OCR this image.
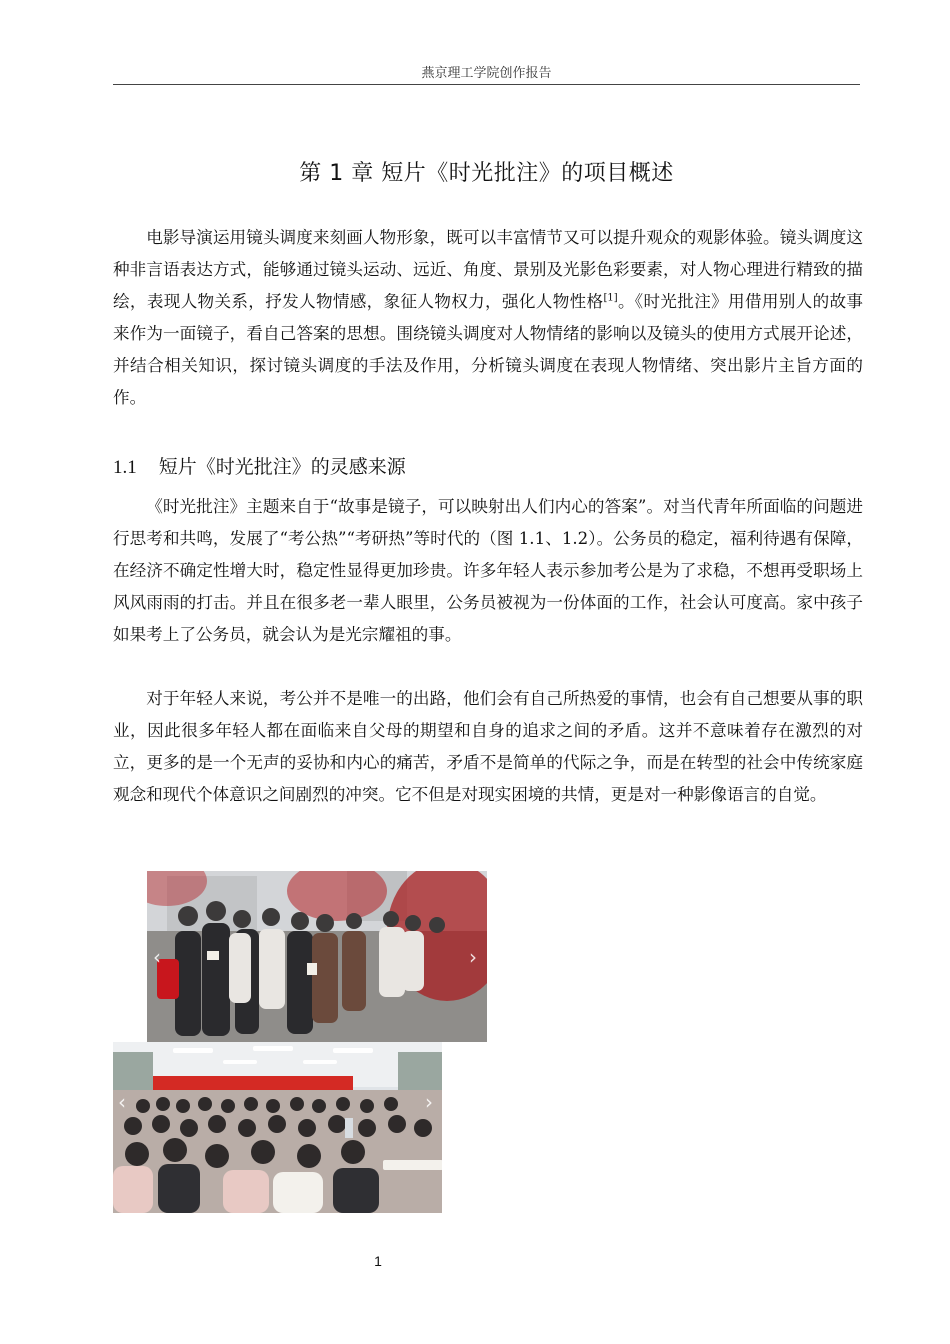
燕京理工学院创作报告
第 1 章 短片《时光批注》的项目概述

电影导演运用镜头调度来刻画人物形象，既可以丰富情节又可以提升观众的观影体验。镜头调度这种非言语表达方式，能够通过镜头运动、远近、角度、景别及光影色彩要素，对人物心理进行精致的描绘，表现人物关系，抒发人物情感，象征人物权力，强化人物性格[1]。《时光批注》用借用别人的故事来作为一面镜子，看自己答案的思想。围绕镜头调度对人物情绪的影响以及镜头的使用方式展开论述，并结合相关知识，探讨镜头调度的手法及作用，分析镜头调度在表现人物情绪、突出影片主旨方面的作。

1.1 短片《时光批注》的灵感来源

《时光批注》主题来自于“故事是镜子，可以映射出人们内心的答案”。对当代青年所面临的问题进行思考和共鸣，发展了“考公热”“考研热”等时代的（图 1.1、1.2）。公务员的稳定，福利待遇有保障，在经济不确定性增大时，稳定性显得更加珍贵。许多年轻人表示参加考公是为了求稳，不想再受职场上风风雨雨的打击。并且在很多老一辈人眼里，公务员被视为一份体面的工作，社会认可度高。家中孩子如果考上了公务员，就会认为是光宗耀祖的事。

对于年轻人来说，考公并不是唯一的出路，他们会有自己所热爱的事情，也会有自己想要从事的职业，因此很多年轻人都在面临来自父母的期望和自身的追求之间的矛盾。这并不意味着存在激烈的对立，更多的是一个无声的妥协和内心的痛苦，矛盾不是简单的代际之争，而是在转型的社会中传统家庭观念和现代个体意识之间剧烈的冲突。它不但是对现实困境的共情，更是对一种影像语言的自觉。

‹	›
‹	›
1
